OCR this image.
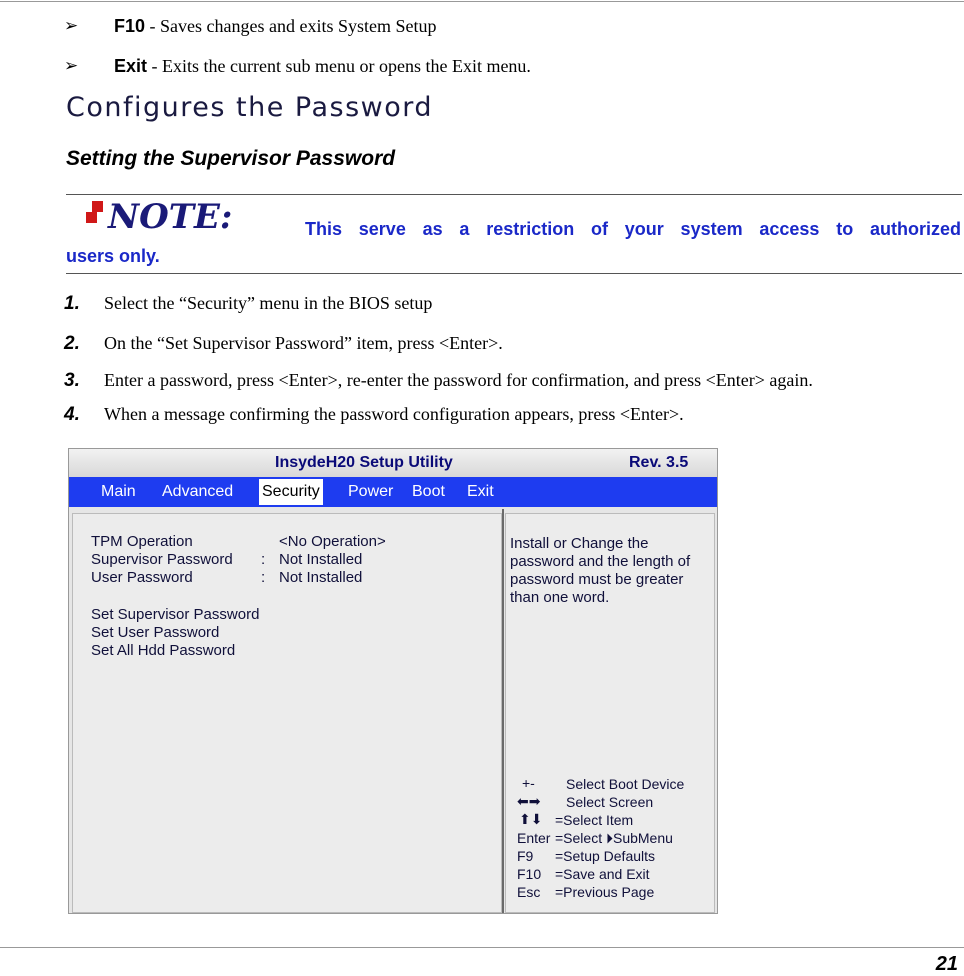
➢ F10 - Saves changes and exits System Setup
➢ Exit - Exits the current sub menu or opens the Exit menu.
Configures the Password
Setting the Supervisor Password
NOTE:	This serve as a restriction of your system access to authorized
users only.
1. Select the “Security” menu in the BIOS setup
2. On the “Set Supervisor Password” item, press <Enter>.
3. Enter a password, press <Enter>, re-enter the password for confirmation, and press <Enter> again.
4. When a message confirming the password configuration appears, press <Enter>.
InsydeH20 Setup Utility	Rev. 3.5
Main Advanced Security Power Boot Exit
TPM Operation	<No Operation>
Supervisor Password : Not Installed
User Password	: Not Installed
Set Supervisor Password
Set User Password
Set All Hdd Password
Install or Change the password and the length of password must be greater than one word.
+- Select Boot Device
⬅➡ Select Screen
⬆⬇ =Select Item
Enter =Select ⏵SubMenu
F9 =Setup Defaults
F10 =Save and Exit
Esc =Previous Page
21
